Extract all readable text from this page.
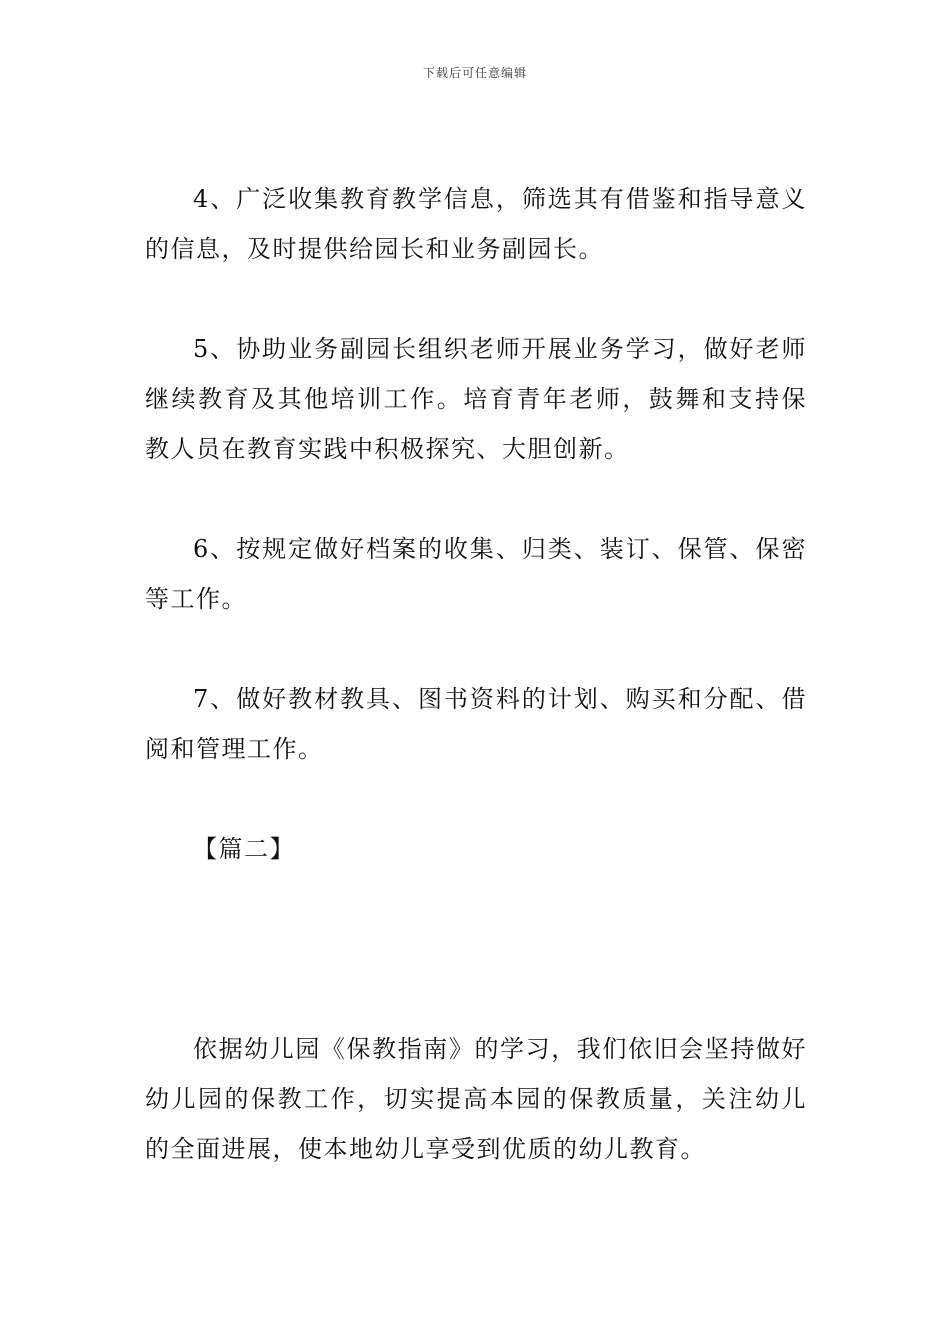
下载后可任意编辑

4、广泛收集教育教学信息，筛选其有借鉴和指导意义的信息，及时提供给园长和业务副园长。

5、协助业务副园长组织老师开展业务学习，做好老师继续教育及其他培训工作。培育青年老师，鼓舞和支持保教人员在教育实践中积极探究、大胆创新。

6、按规定做好档案的收集、归类、装订、保管、保密等工作。

7、做好教材教具、图书资料的计划、购买和分配、借阅和管理工作。

【篇二】

依据幼儿园《保教指南》的学习，我们依旧会坚持做好幼儿园的保教工作，切实提高本园的保教质量，关注幼儿的全面进展，使本地幼儿享受到优质的幼儿教育。
